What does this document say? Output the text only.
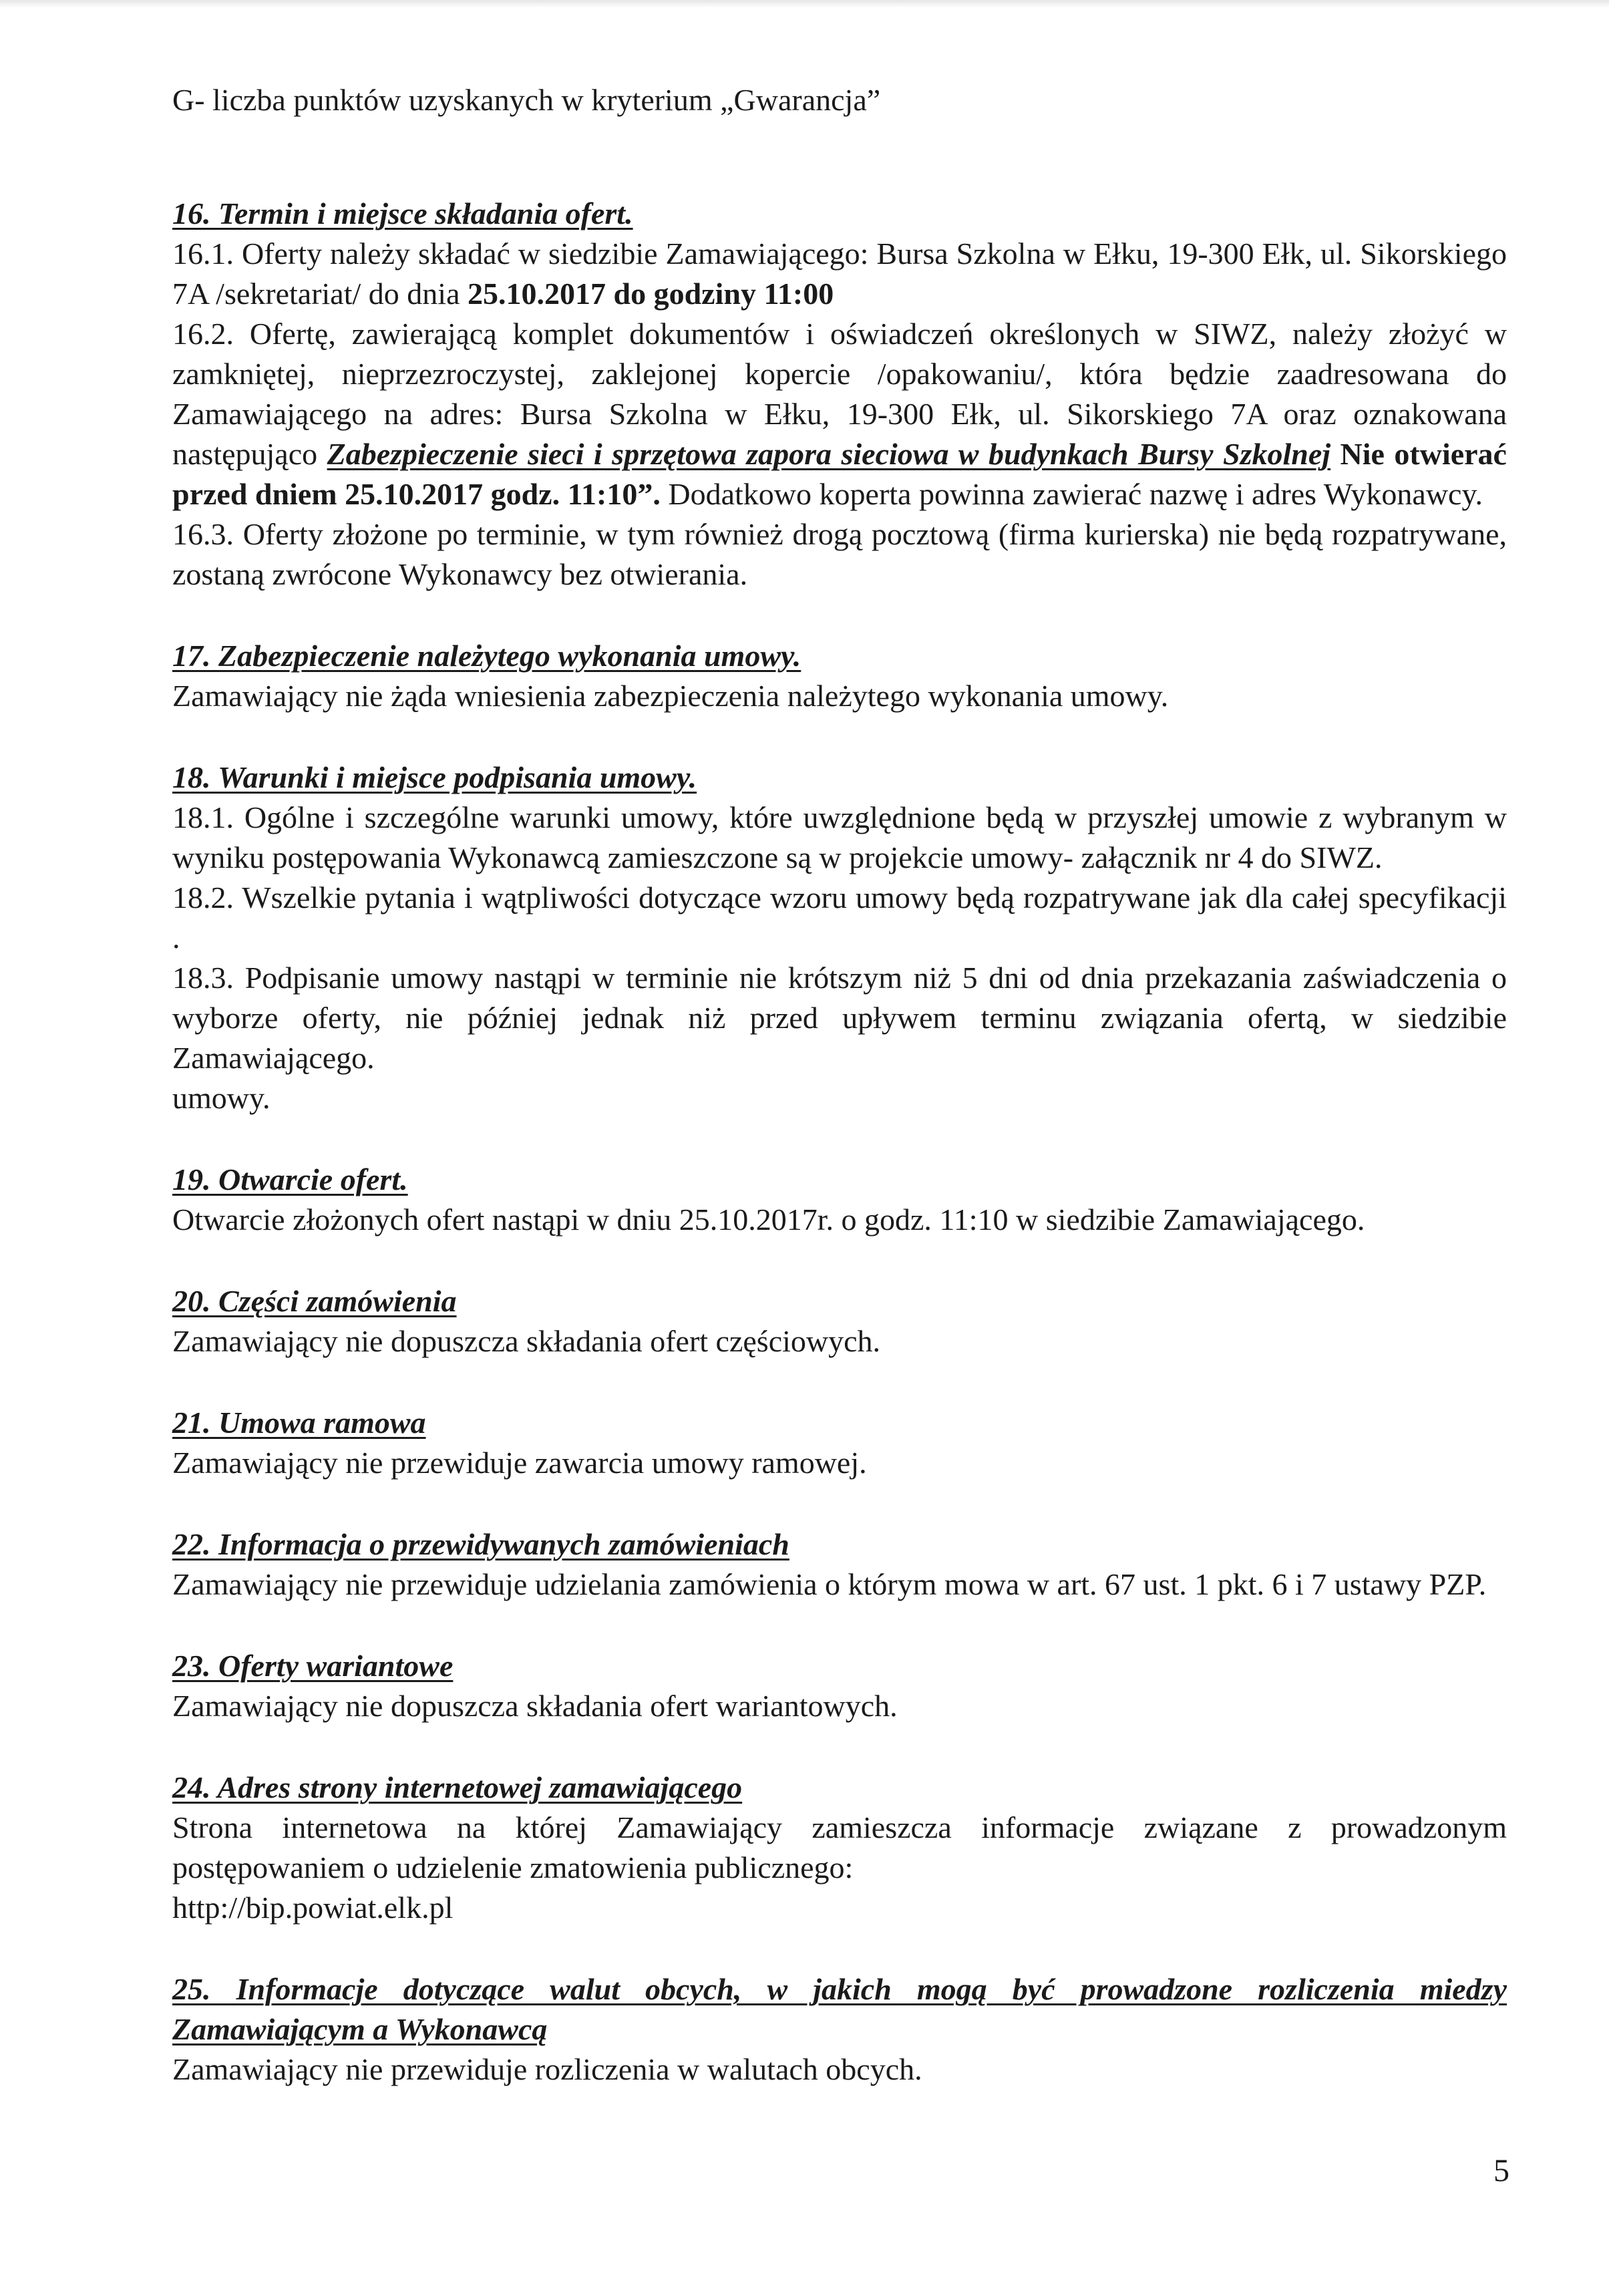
G- liczba punktów uzyskanych w kryterium „Gwarancja”

16. Termin i miejsce składania ofert.

16.1. Oferty należy składać w siedzibie Zamawiającego: Bursa Szkolna w Ełku, 19-300 Ełk, ul. Sikorskiego 7A /sekretariat/ do dnia 25.10.2017 do godziny 11:00

16.2. Ofertę, zawierającą komplet dokumentów i oświadczeń określonych w SIWZ, należy złożyć w zamkniętej, nieprzezroczystej, zaklejonej kopercie /opakowaniu/, która będzie zaadresowana do Zamawiającego na adres: Bursa Szkolna w Ełku, 19-300 Ełk, ul. Sikorskiego 7A oraz oznakowana następująco Zabezpieczenie sieci i sprzętowa zapora sieciowa w budynkach Bursy Szkolnej Nie otwierać przed dniem 25.10.2017 godz. 11:10”. Dodatkowo koperta powinna zawierać nazwę i adres Wykonawcy.

16.3. Oferty złożone po terminie, w tym również drogą pocztową (firma kurierska) nie będą rozpatrywane, zostaną zwrócone Wykonawcy bez otwierania.

17. Zabezpieczenie należytego wykonania umowy.

Zamawiający nie żąda wniesienia zabezpieczenia należytego wykonania umowy.

18. Warunki i miejsce podpisania umowy.

18.1. Ogólne i szczególne warunki umowy, które uwzględnione będą w przyszłej umowie z wybranym w wyniku postępowania Wykonawcą zamieszczone są w projekcie umowy- załącznik nr 4 do SIWZ.

18.2. Wszelkie pytania i wątpliwości dotyczące wzoru umowy będą rozpatrywane jak dla całej specyfikacji .

18.3. Podpisanie umowy nastąpi w terminie nie krótszym niż 5 dni od dnia przekazania zaświadczenia o wyborze oferty, nie później jednak niż przed upływem terminu związania ofertą, w siedzibie Zamawiającego.

umowy.

19. Otwarcie ofert.

Otwarcie złożonych ofert nastąpi w dniu 25.10.2017r. o godz. 11:10 w siedzibie Zamawiającego.

20. Części zamówienia

Zamawiający nie dopuszcza składania ofert częściowych.

21. Umowa ramowa

Zamawiający nie przewiduje zawarcia umowy ramowej.

22. Informacja o przewidywanych zamówieniach

Zamawiający nie przewiduje udzielania zamówienia o którym mowa w art. 67 ust. 1 pkt. 6 i 7 ustawy PZP.

23. Oferty wariantowe

Zamawiający nie dopuszcza składania ofert wariantowych.

24. Adres strony internetowej zamawiającego

Strona internetowa na której Zamawiający zamieszcza informacje związane z prowadzonym postępowaniem o udzielenie zmatowienia publicznego:

http://bip.powiat.elk.pl

25. Informacje dotyczące walut obcych, w jakich mogą być prowadzone rozliczenia miedzy Zamawiającym a Wykonawcą

Zamawiający nie przewiduje rozliczenia w walutach obcych.

5
